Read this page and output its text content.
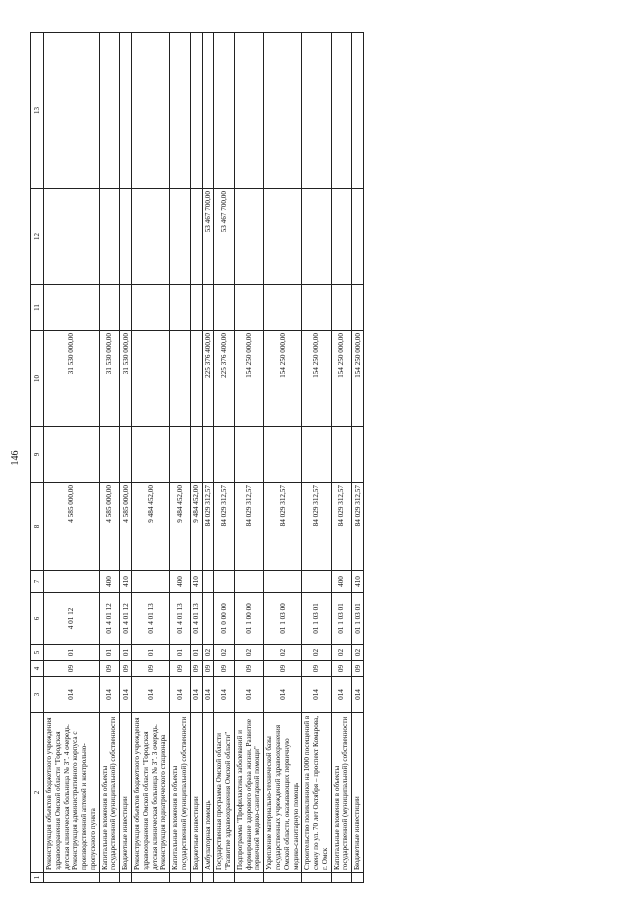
146
1	2	3	4	5	6	7	8	9	10	11	12	13
	Реконструкция объектов бюджетного учреждения здравоохранения Омской области "Городская детская клиническая больница № 3". 4 очередь. Реконструкция административного корпуса с производственной аптекой и контрольно-пропускного пункта	014	09	01	4 01 12		4 585 000,00		31 530 000,00			
	Капитальные вложения в объекты государственной (муниципальной) собственности	014	09	01	01 4 01 12	400	4 585 000,00		31 530 000,00			
	Бюджетные инвестиции	014	09	01	01 4 01 12	410	4 585 000,00		31 530 000,00			
	Реконструкция объектов бюджетного учреждения здравоохранения Омской области "Городская детская клиническая больница № 3". 3 очередь. Реконструкция педиатрического стационара	014	09	01	01 4 01 13		9 484 452,00					
	Капитальные вложения в объекты государственной (муниципальной) собственности	014	09	01	01 4 01 13	400	9 484 452,00					
	Бюджетные инвестиции	014	09	01	01 4 01 13	410	9 484 452,00					
	Амбулаторная помощь	014	09	02			84 029 312,57		225 376 400,00		53 467 700,00	
	Государственная программа Омской области "Развитие здравоохранения Омской области"	014	09	02	01 0 00 00		84 029 312,57		225 376 400,00		53 467 700,00	
	Подпрограмма "Профилактика заболеваний и формирование здорового образа жизни. Развитие первичной медико-санитарной помощи"	014	09	02	01 1 00 00		84 029 312,57		154 250 000,00			
	Укрепление материально-технической базы государственных учреждений здравоохранения Омской области, оказывающих первичную медико-санитарную помощь	014	09	02	01 1 03 00		84 029 312,57		154 250 000,00			
	Строительство поликлиники на 1000 посещений в смену по ул. 70 лет Октября – проспект Комарова, г. Омск	014	09	02	01 1 03 01		84 029 312,57		154 250 000,00			
	Капитальные вложения в объекты государственной (муниципальной) собственности	014	09	02	01 1 03 01	400	84 029 312,57		154 250 000,00			
	Бюджетные инвестиции	014	09	02	01 1 03 01	410	84 029 312,57		154 250 000,00			
